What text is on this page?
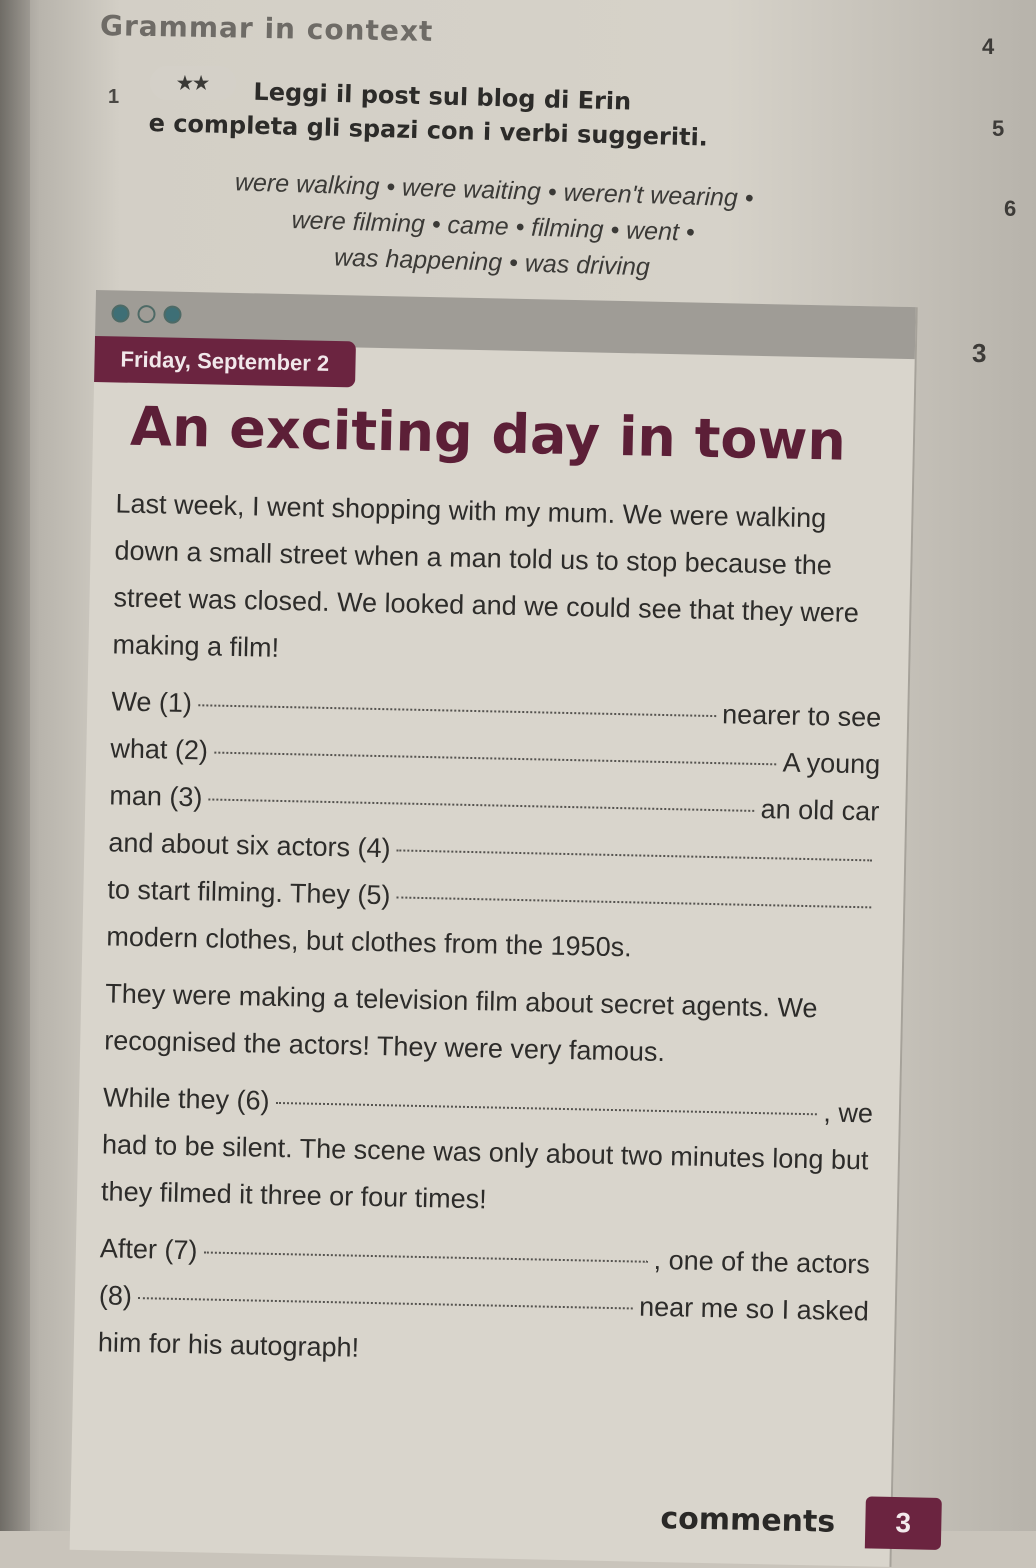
Grammar in context
1
★★	Leggi il post sul blog di Erin
e completa gli spazi con i verbi suggeriti.
were walking • were waiting • weren't wearing •
were filming • came • filming • went •
was happening • was driving
4
5
6
3
Friday, September 2
An exciting day in town

Last week, I went shopping with my mum. We were walking down a small street when a man told us to stop because the street was closed. We looked and we could see that they were making a film!

We (1)	nearer to see
what (2)	A young
man (3)	an old car
and about six actors (4)
to start filming. They (5)

modern clothes, but clothes from the 1950s.

They were making a television film about secret agents. We recognised the actors! They were very famous.

While they (6)	, we

had to be silent. The scene was only about two minutes long but they filmed it three or four times!

After (7)	, one of the actors
(8)	near me so I asked
him for his autograph!
comments	3
